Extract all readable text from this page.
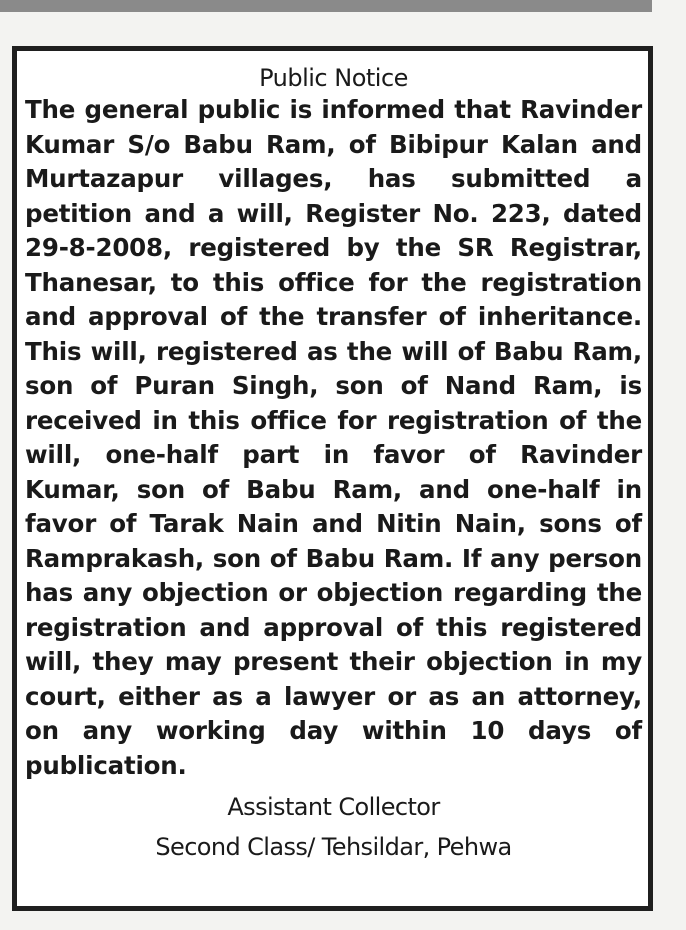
Public Notice

The general public is informed that Ravinder Kumar S/o Babu Ram, of Bibipur Kalan and Murtazapur villages, has submitted a petition and a will, Register No. 223, dated 29-8-2008, registered by the SR Registrar, Thanesar, to this office for the registration and approval of the transfer of inheritance. This will, registered as the will of Babu Ram, son of Puran Singh, son of Nand Ram, is received in this office for registration of the will, one-half part in favor of Ravinder Kumar, son of Babu Ram, and one-half in favor of Tarak Nain and Nitin Nain, sons of Ramprakash, son of Babu Ram. If any person has any objection or objection regarding the registration and approval of this registered will, they may present their objection in my court, either as a lawyer or as an attorney, on any working day within 10 days of publication.

Assistant Collector
Second Class/ Tehsildar, Pehwa
